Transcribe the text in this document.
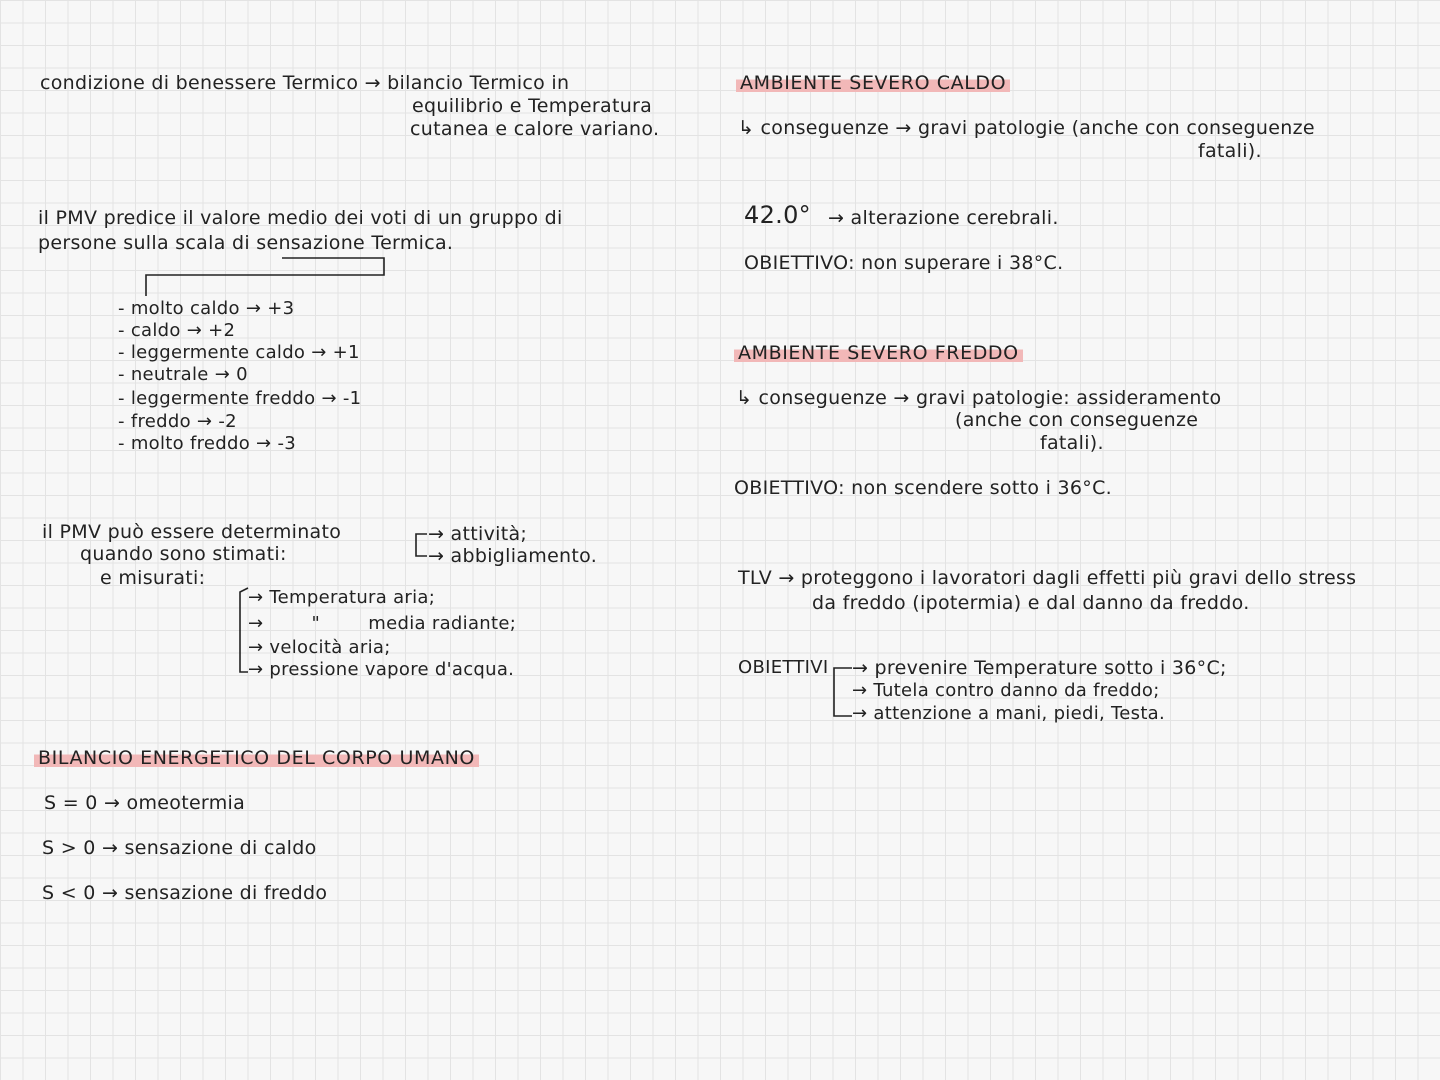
condizione di benessere Termico → bilancio Termico in
equilibrio e Temperatura
cutanea e calore variano.
il PMV predice il valore medio dei voti di un gruppo di
persone sulla scala di sensazione Termica.
- molto caldo → +3
- caldo → +2
- leggermente caldo → +1
- neutrale → 0
- leggermente freddo → -1
- freddo → -2
- molto freddo → -3
il PMV può essere determinato
quando sono stimati:
e misurati:
→ attività;
→ abbigliamento.
→ Temperatura aria;
→        "        media radiante;
→ velocità aria;
→ pressione vapore d'acqua.
BILANCIO ENERGETICO DEL CORPO UMANO
S = 0 → omeotermia
S > 0 → sensazione di caldo
S < 0 → sensazione di freddo
AMBIENTE SEVERO CALDO
↳ conseguenze → gravi patologie (anche con conseguenze
fatali).
42.0° → alterazione cerebrali.
OBIETTIVO: non superare i 38°C.
AMBIENTE SEVERO FREDDO
↳ conseguenze → gravi patologie: assideramento
(anche con conseguenze
fatali).
OBIETTIVO: non scendere sotto i 36°C.
TLV → proteggono i lavoratori dagli effetti più gravi dello stress
da freddo (ipotermia) e dal danno da freddo.
OBIETTIVI → prevenire Temperature sotto i 36°C;
→ Tutela contro danno da freddo;
→ attenzione a mani, piedi, Testa.
